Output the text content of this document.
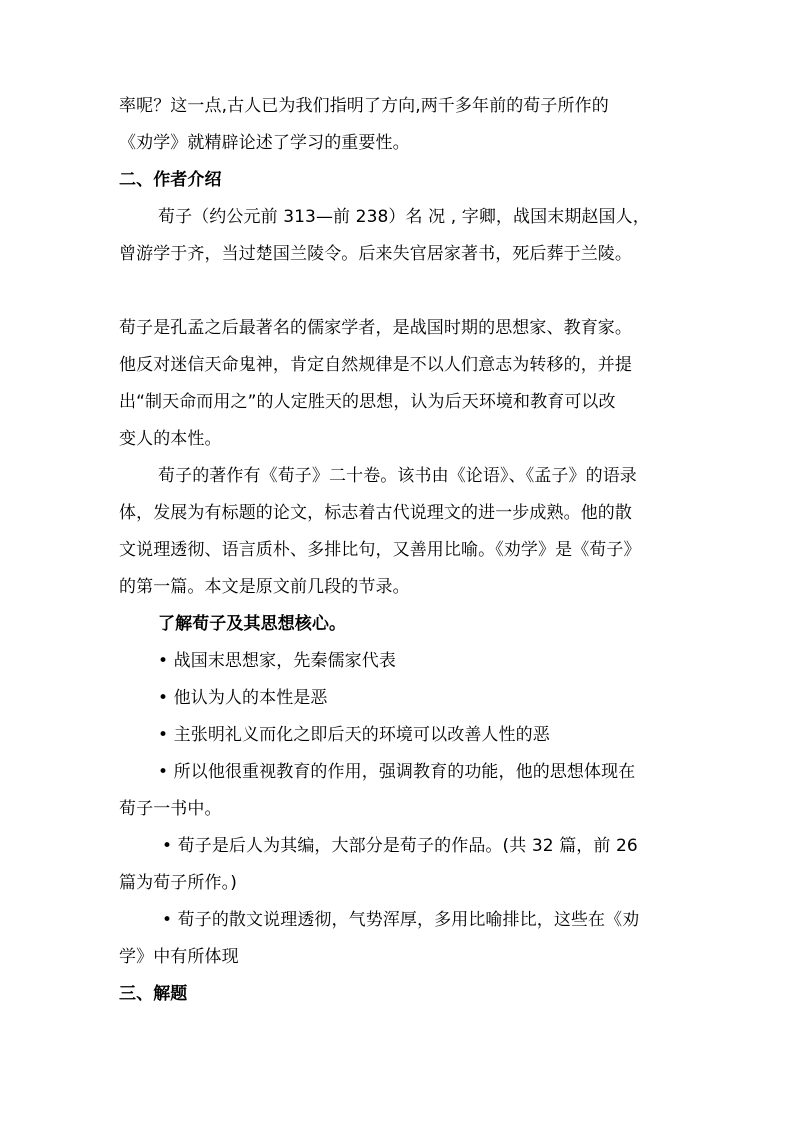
率呢？这一点,古人已为我们指明了方向,两千多年前的荀子所作的
《劝学》就精辟论述了学习的重要性。
二、作者介绍
荀子（约公元前 313—前 238）名 况 , 字卿，战国末期赵国人，
曾游学于齐，当过楚国兰陵令。后来失官居家著书，死后葬于兰陵。
荀子是孔孟之后最著名的儒家学者，是战国时期的思想家、教育家。
他反对迷信天命鬼神，肯定自然规律是不以人们意志为转移的，并提
出“制天命而用之”的人定胜天的思想，认为后天环境和教育可以改
变人的本性。
荀子的著作有《荀子》二十卷。该书由《论语》、《孟子》的语录
体，发展为有标题的论文，标志着古代说理文的进一步成熟。他的散
文说理透彻、语言质朴、多排比句，又善用比喻。《劝学》是《荀子》
的第一篇。本文是原文前几段的节录。
了解荀子及其思想核心。
• 战国末思想家，先秦儒家代表
• 他认为人的本性是恶
• 主张明礼义而化之即后天的环境可以改善人性的恶
• 所以他很重视教育的作用，强调教育的功能，他的思想体现在
荀子一书中。
• 荀子是后人为其编，大部分是荀子的作品。(共 32 篇，前 26
篇为荀子所作。)
• 荀子的散文说理透彻，气势浑厚，多用比喻排比，这些在《劝
学》中有所体现
三、解题
